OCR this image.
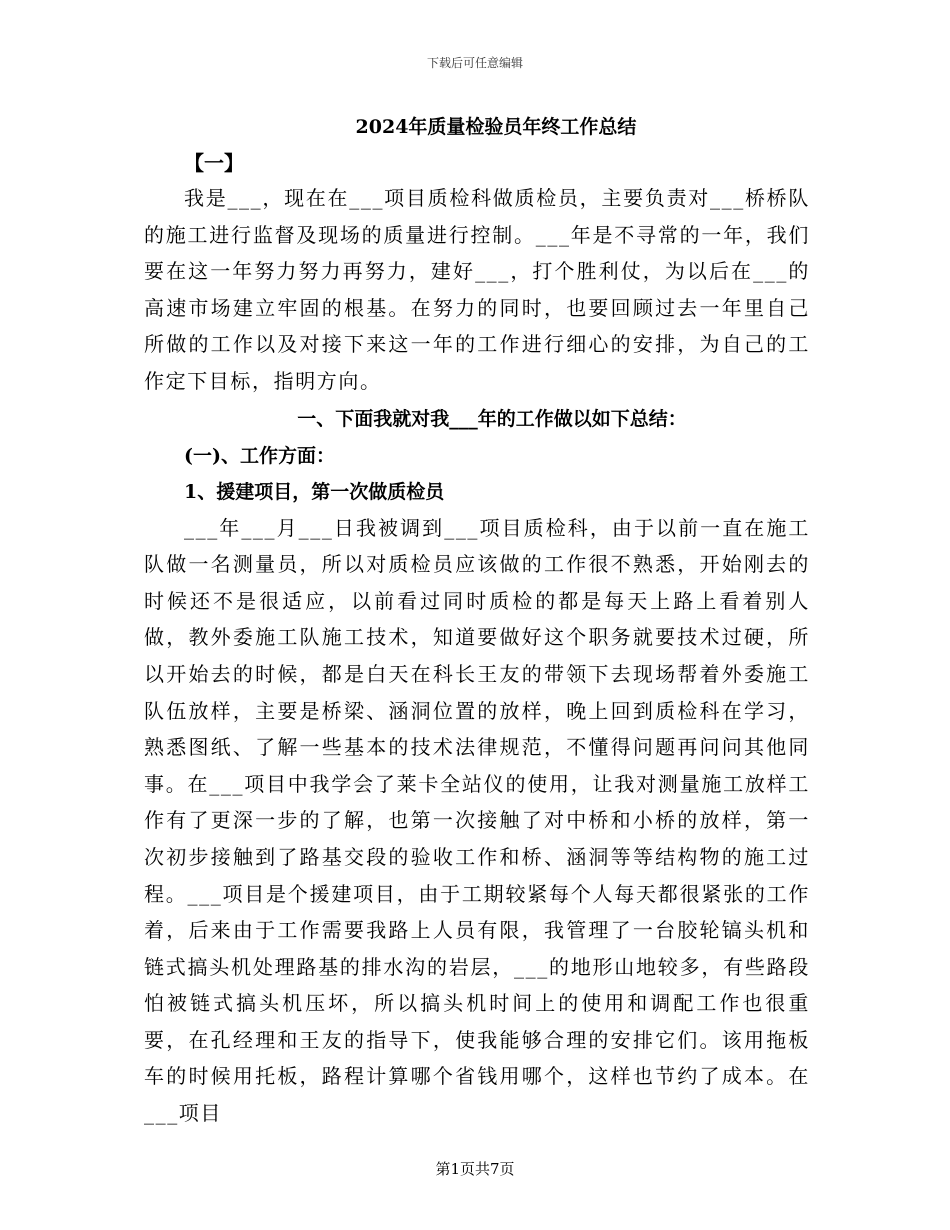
下载后可任意编辑
2024年质量检验员年终工作总结
【一】

我是___，现在在___项目质检科做质检员，主要负责对___桥桥队的施工进行监督及现场的质量进行控制。___年是不寻常的一年，我们要在这一年努力努力再努力，建好___，打个胜利仗，为以后在___的高速市场建立牢固的根基。在努力的同时，也要回顾过去一年里自己所做的工作以及对接下来这一年的工作进行细心的安排，为自己的工作定下目标，指明方向。

一、下面我就对我___年的工作做以如下总结：
(一)、工作方面：
1、援建项目，第一次做质检员

___年___月___日我被调到___项目质检科，由于以前一直在施工队做一名测量员，所以对质检员应该做的工作很不熟悉，开始刚去的时候还不是很适应，以前看过同时质检的都是每天上路上看着别人做，教外委施工队施工技术，知道要做好这个职务就要技术过硬，所以开始去的时候，都是白天在科长王友的带领下去现场帮着外委施工队伍放样，主要是桥梁、涵洞位置的放样，晚上回到质检科在学习，熟悉图纸、了解一些基本的技术法律规范，不懂得问题再问问其他同事。在___项目中我学会了莱卡全站仪的使用，让我对测量施工放样工作有了更深一步的了解，也第一次接触了对中桥和小桥的放样，第一次初步接触到了路基交段的验收工作和桥、涵洞等等结构物的施工过程。___项目是个援建项目，由于工期较紧每个人每天都很紧张的工作着，后来由于工作需要我路上人员有限，我管理了一台胶轮镐头机和链式搞头机处理路基的排水沟的岩层，___的地形山地较多，有些路段怕被链式搞头机压坏，所以搞头机时间上的使用和调配工作也很重要，在孔经理和王友的指导下，使我能够合理的安排它们。该用拖板车的时候用托板，路程计算哪个省钱用哪个，这样也节约了成本。在___项目

第1页共7页
